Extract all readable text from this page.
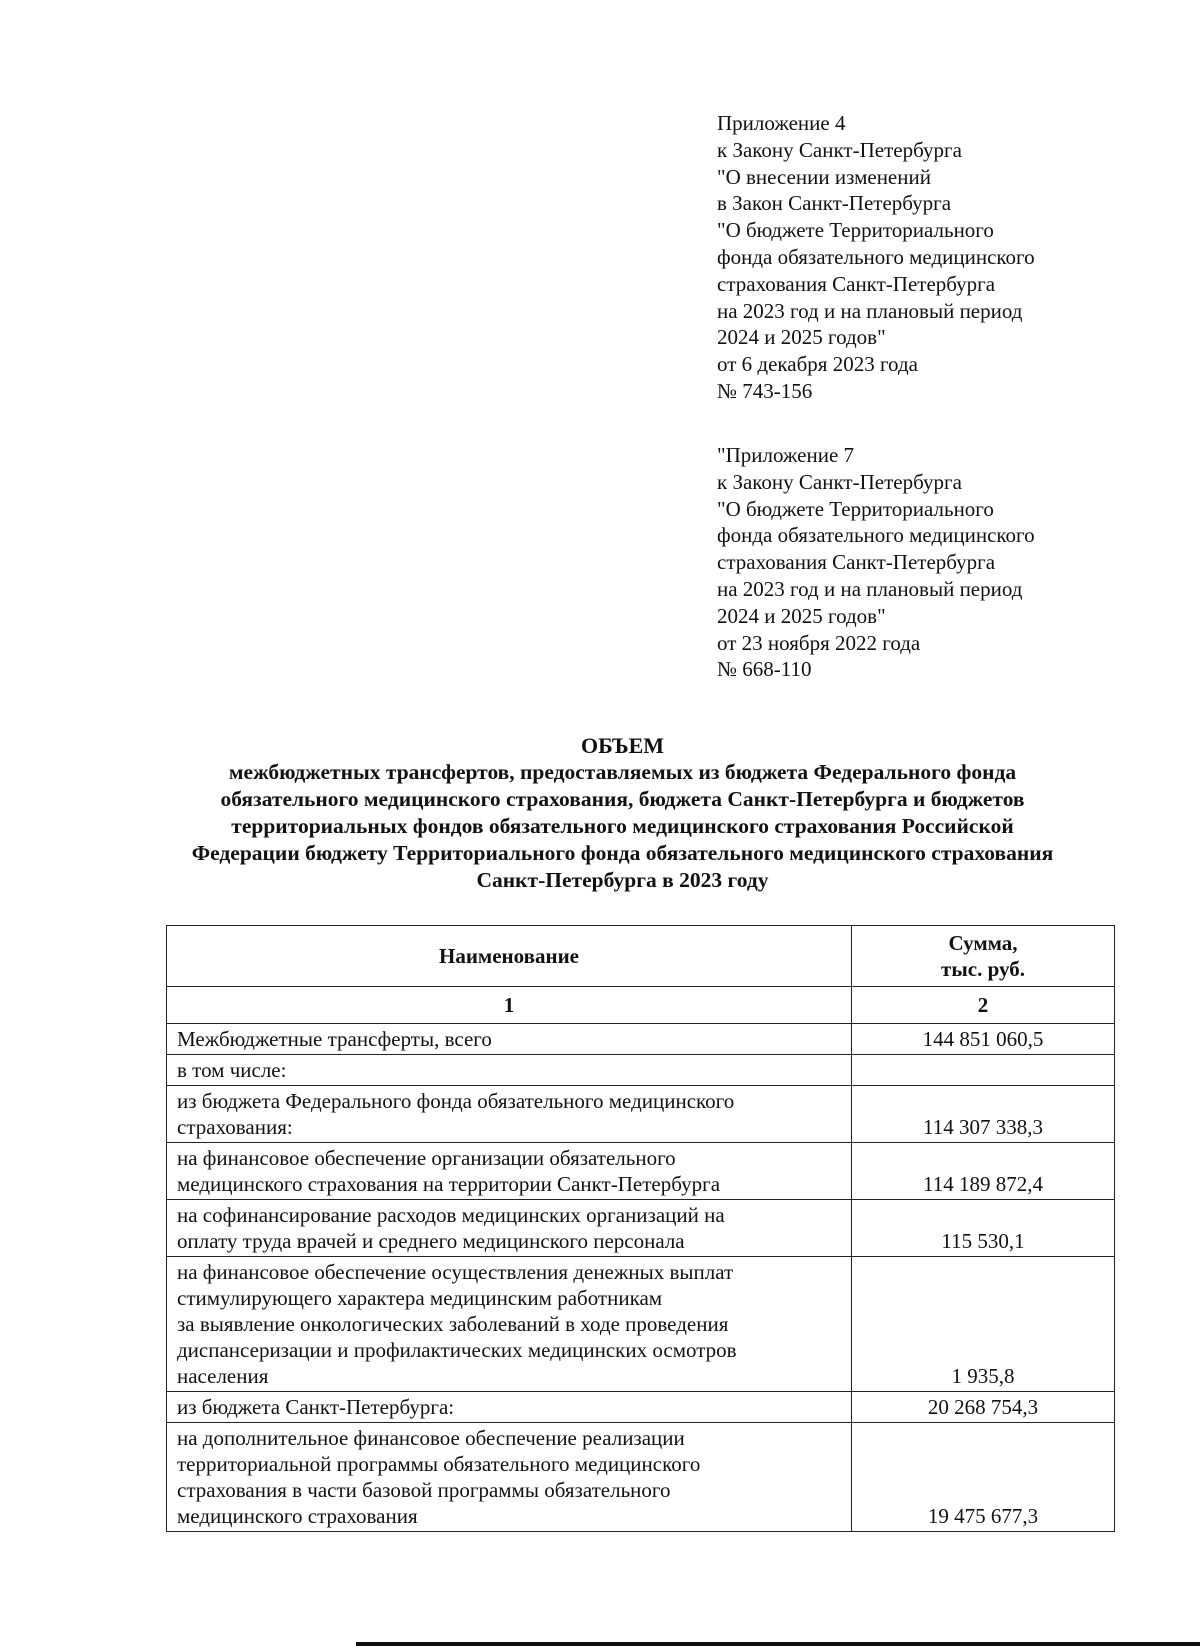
Приложение 4
к Закону Санкт-Петербурга
"О внесении изменений
в Закон Санкт-Петербурга
"О бюджете Территориального
фонда обязательного медицинского
страхования Санкт-Петербурга
на 2023 год и на плановый период
2024 и 2025 годов"
от 6 декабря 2023 года
№ 743-156
"Приложение 7
к Закону Санкт-Петербурга
"О бюджете Территориального
фонда обязательного медицинского
страхования Санкт-Петербурга
на 2023 год и на плановый период
2024 и 2025 годов"
от 23 ноября 2022 года
№ 668-110
ОБЪЕМ
межбюджетных трансфертов, предоставляемых из бюджета Федерального фонда
обязательного медицинского страхования, бюджета Санкт-Петербурга и бюджетов
территориальных фондов обязательного медицинского страхования Российской
Федерации бюджету Территориального фонда обязательного медицинского страхования
Санкт-Петербурга в 2023 году
Наименование	Сумма,
тыс. руб.

1	2

Межбюджетные трансферты, всего	144 851 060,5

в том числе:	

из бюджета Федерального фонда обязательного медицинского
страхования:	114 307 338,3

на финансовое обеспечение организации обязательного
медицинского страхования на территории Санкт-Петербурга	114 189 872,4

на софинансирование расходов медицинских организаций на
оплату труда врачей и среднего медицинского персонала	115 530,1

на финансовое обеспечение осуществления денежных выплат
стимулирующего характера медицинским работникам
за выявление онкологических заболеваний в ходе проведения
диспансеризации и профилактических медицинских осмотров
населения	1 935,8

из бюджета Санкт-Петербурга:	20 268 754,3

на дополнительное финансовое обеспечение реализации
территориальной программы обязательного медицинского
страхования в части базовой программы обязательного
медицинского страхования	19 475 677,3
